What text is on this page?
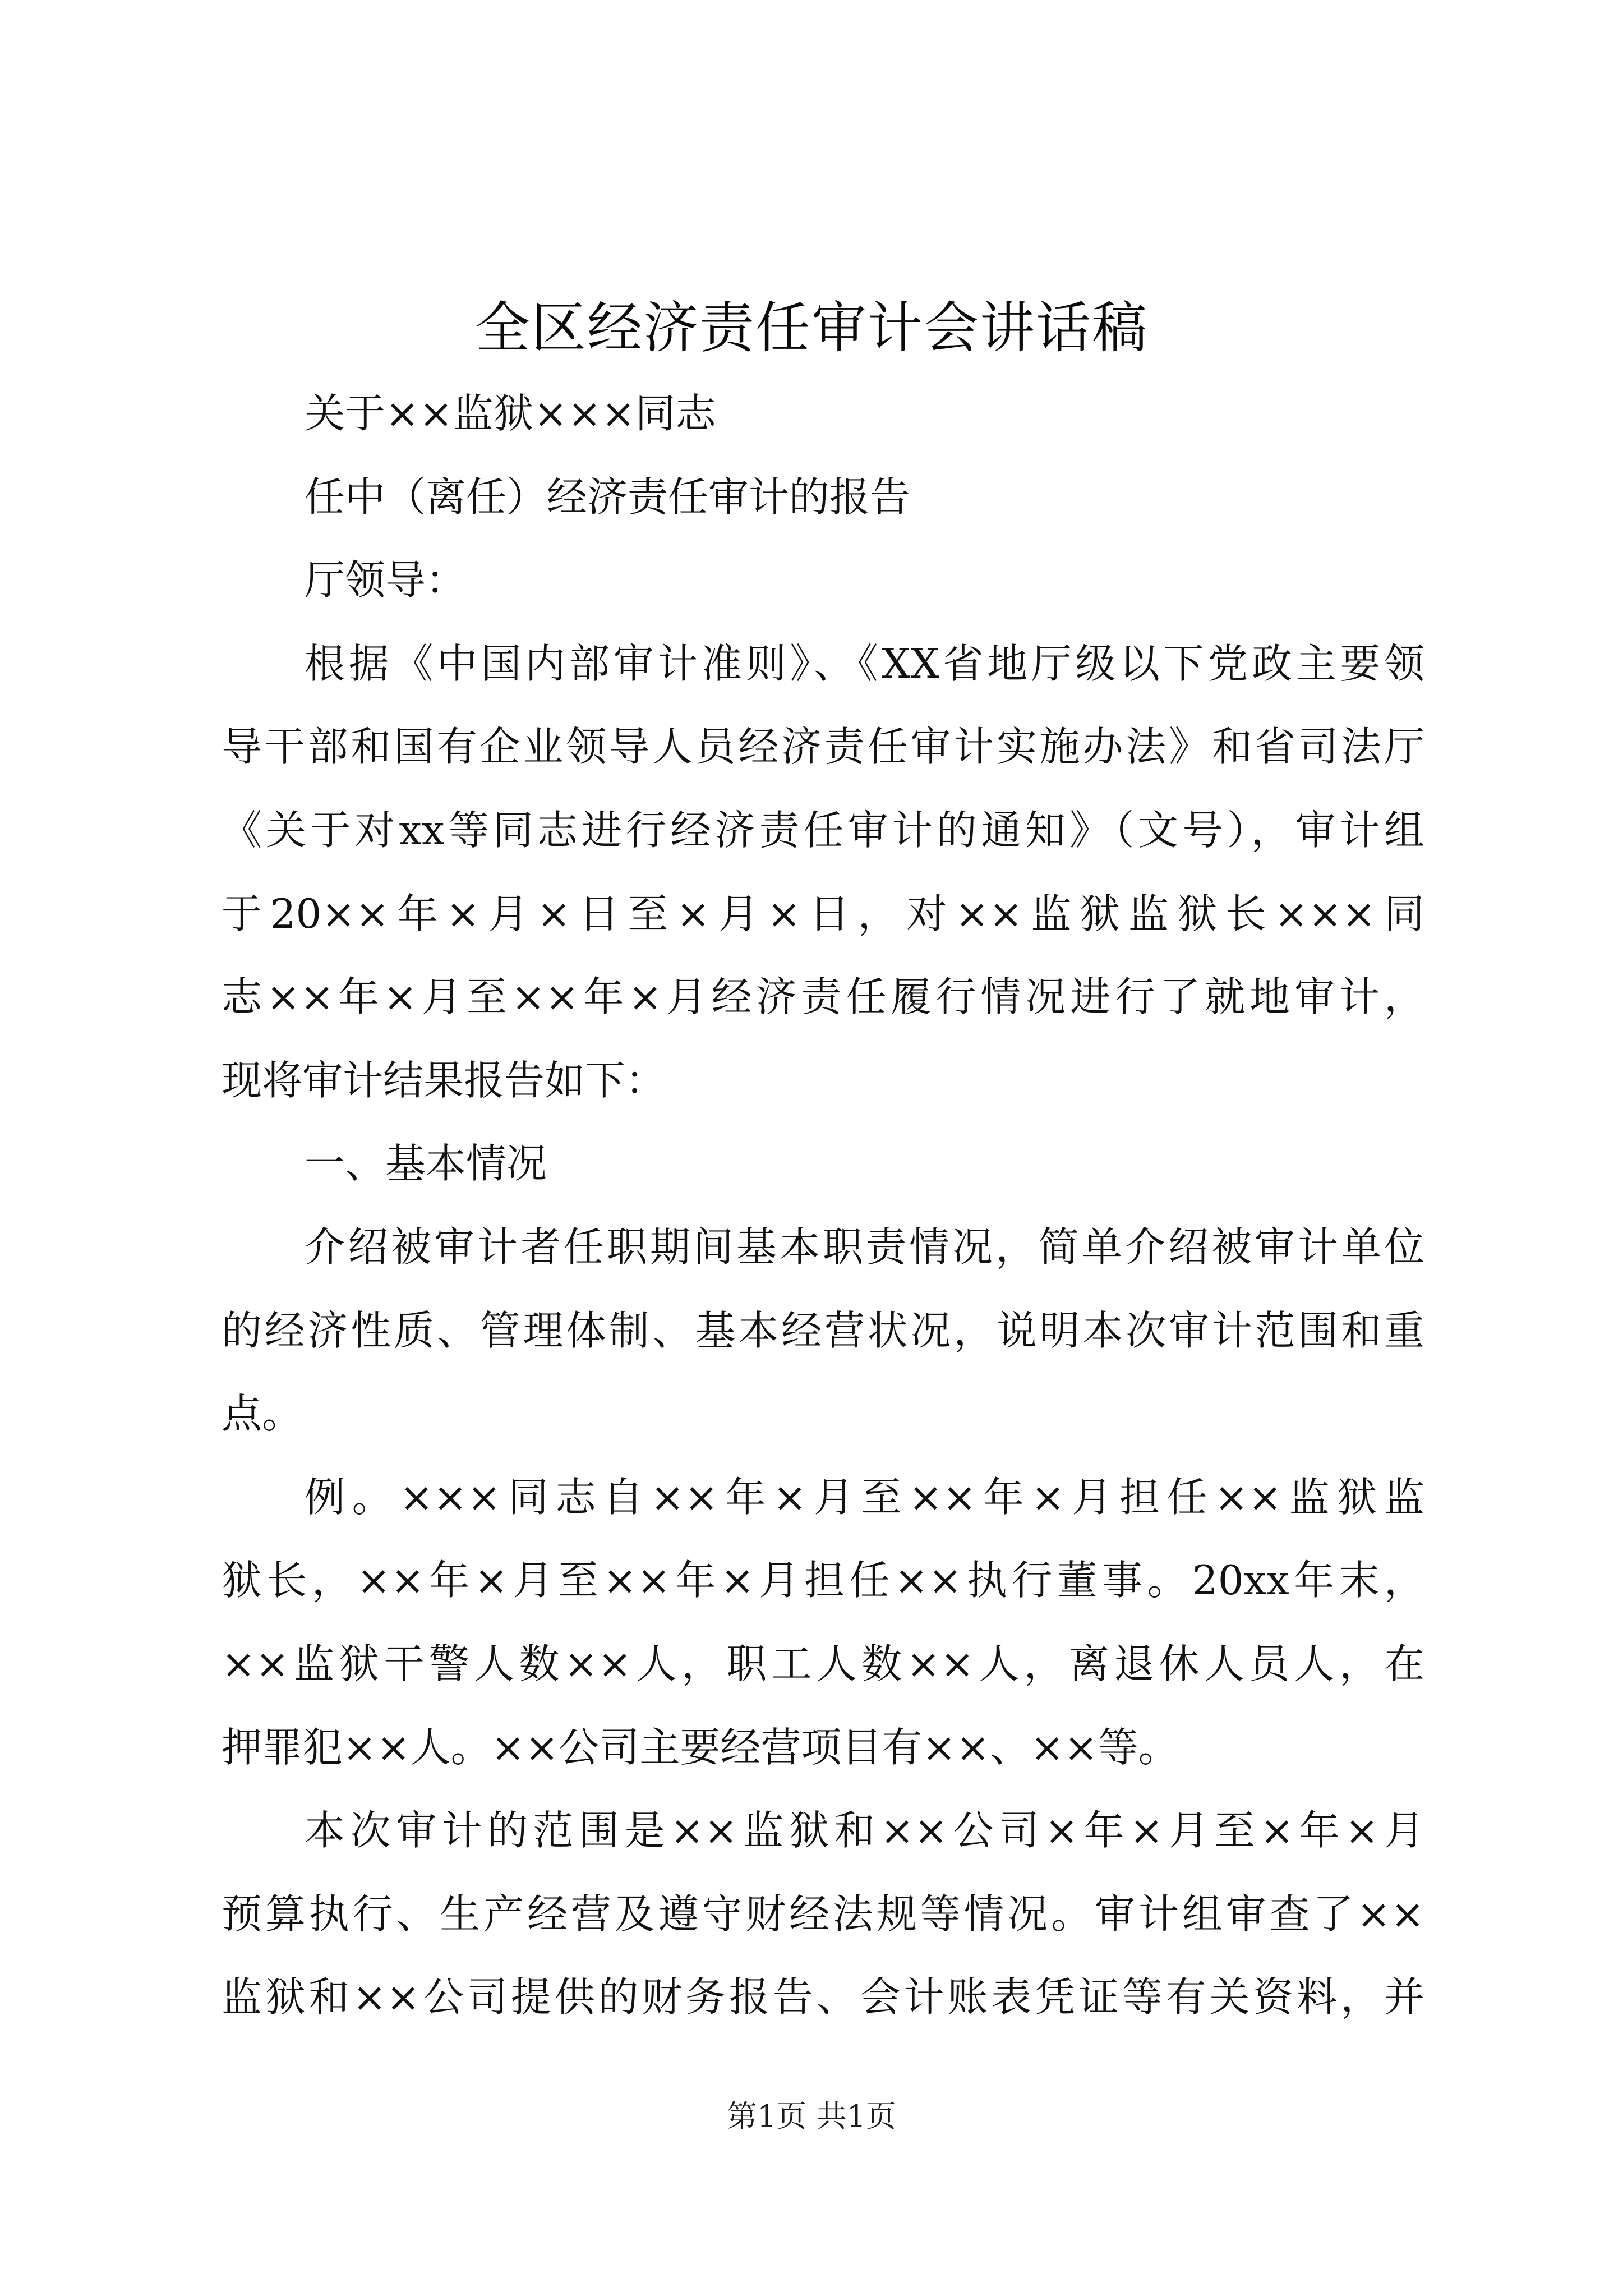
全区经济责任审计会讲话稿
关于××监狱×××同志
任中（离任）经济责任审计的报告
厅领导：
根据《中国内部审计准则》、《XX省地厅级以下党政主要领
导干部和国有企业领导人员经济责任审计实施办法》和省司法厅
《关于对xx等同志进行经济责任审计的通知》（文号），审计组
于20××年×月×日至×月×日，对××监狱监狱长×××同
志××年×月至××年×月经济责任履行情况进行了就地审计，
现将审计结果报告如下：
一、基本情况
介绍被审计者任职期间基本职责情况，简单介绍被审计单位
的经济性质、管理体制、基本经营状况，说明本次审计范围和重
点。
例。×××同志自××年×月至××年×月担任××监狱监
狱长，××年×月至××年×月担任××执行董事。20xx年末，
××监狱干警人数××人，职工人数××人，离退休人员人，在
押罪犯××人。××公司主要经营项目有××、××等。
本次审计的范围是××监狱和××公司×年×月至×年×月
预算执行、生产经营及遵守财经法规等情况。审计组审查了××
监狱和××公司提供的财务报告、会计账表凭证等有关资料，并
第1页 共1页
